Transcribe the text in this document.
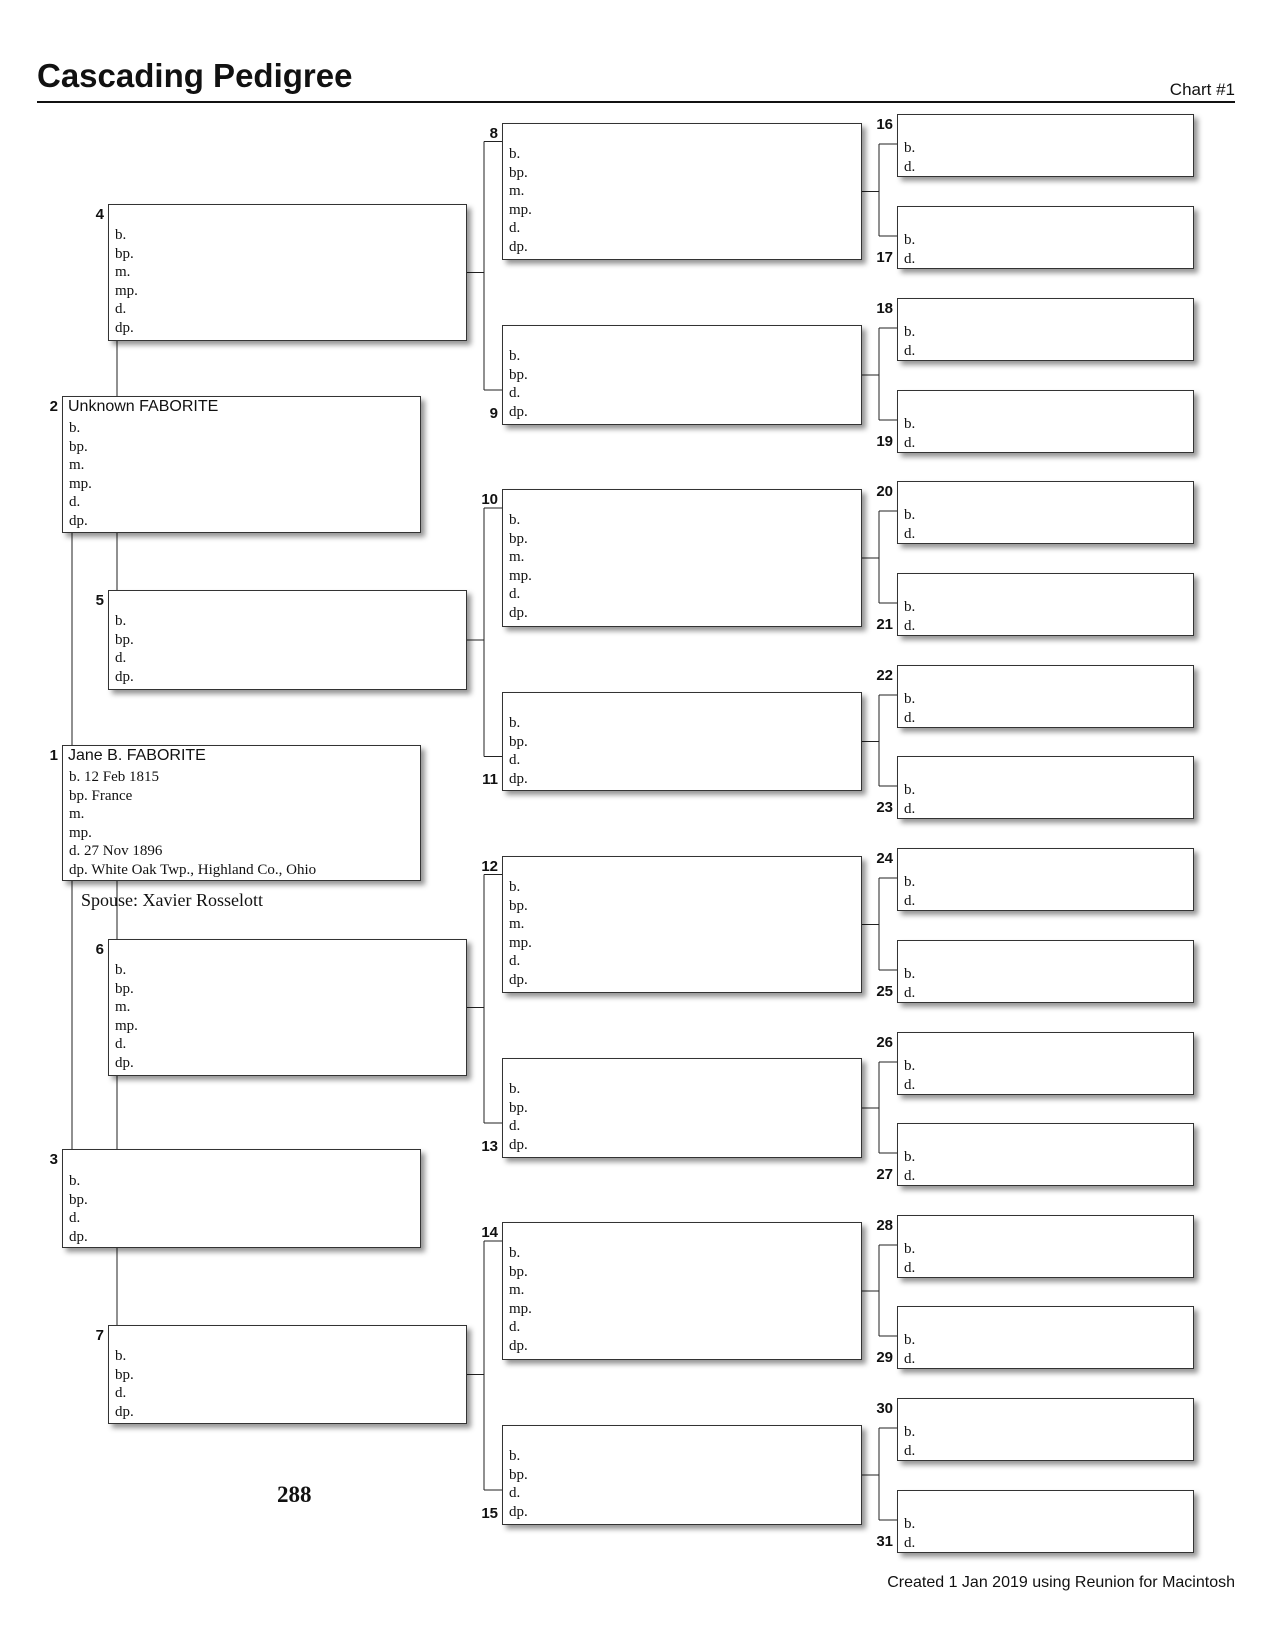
Cascading Pedigree	Chart #1
Jane B. FABORITE
b. 12 Feb 1815
bp. France
m.
mp.
d. 27 Nov 1896
dp. White Oak Twp., Highland Co., Ohio
1
Unknown FABORITE
b.
bp.
m.
mp.
d.
dp.
2
b.
bp.
d.
dp.
3
b.
bp.
m.
mp.
d.
dp.
4
b.
bp.
d.
dp.
5
b.
bp.
m.
mp.
d.
dp.
6
b.
bp.
d.
dp.
7
b.
bp.
m.
mp.
d.
dp.
8
b.
bp.
d.
dp.
9
b.
bp.
m.
mp.
d.
dp.
10
b.
bp.
d.
dp.
11
b.
bp.
m.
mp.
d.
dp.
12
b.
bp.
d.
dp.
13
b.
bp.
m.
mp.
d.
dp.
14
b.
bp.
d.
dp.
15
b.
d.
16
b.
d.
17
b.
d.
18
b.
d.
19
b.
d.
20
b.
d.
21
b.
d.
22
b.
d.
23
b.
d.
24
b.
d.
25
b.
d.
26
b.
d.
27
b.
d.
28
b.
d.
29
b.
d.
30
b.
d.
31
Spouse: Xavier Rosselott
288
Created 1 Jan 2019 using Reunion for Macintosh
